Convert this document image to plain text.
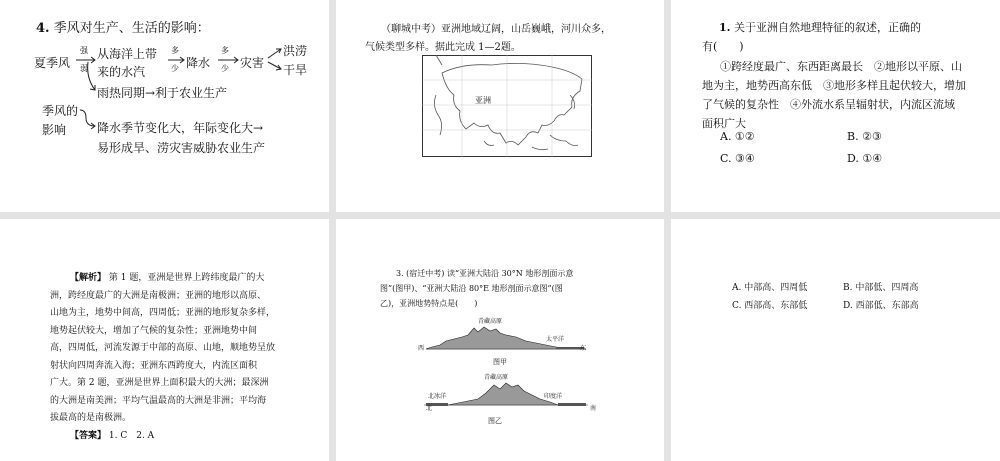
4. 季风对生产、生活的影响：
夏季风
强
弱
从海洋上带
来的水汽
多
少 降水
多
少 灾害
洪涝
干旱
雨热同期→利于农业生产
季风的
影响	降水季节变化大，年际变化大→
易形成旱、涝灾害威胁农业生产
（聊城中考）亚洲地域辽阔，山岳巍峨，河川众多，
气候类型多样。据此完成 1—2题。
亚洲
1. 关于亚洲自然地理特征的叙述，正确的
有(　　)
①跨经度最广、东西距离最长　②地形以平原、山
地为主，地势西高东低　③地形多样且起伏较大，增加
了气候的复杂性　④外流水系呈辐射状，内流区流域
面积广大
A. ①②	B. ②③
C. ③④	D. ①④
【解析】 第 1 题，亚洲是世界上跨纬度最广的大
洲，跨经度最广的大洲是南极洲；亚洲的地形以高原、
山地为主，地势中间高，四周低；亚洲的地形复杂多样，
地势起伏较大，增加了气候的复杂性；亚洲地势中间
高，四周低，河流发源于中部的高原、山地，顺地势呈放
射状向四周奔流入海；亚洲东西跨度大，内流区面积
广大。第 2 题，亚洲是世界上面积最大的大洲；最深洲
的大洲是南美洲；平均气温最高的大洲是非洲；平均海
拔最高的是南极洲。
【答案】 1. C　2. A
3. (宿迁中考) 读“亚洲大陆沿 30°N 地形剖面示意
图”(图甲)、“亚洲大陆沿 80°E 地形剖面示意图”(图
乙)，亚洲地势特点是(　　)
青藏高原
太平洋
西	东
图甲
青藏高原
北冰洋	印度洋
北	南
图乙
A. 中部高、四周低	B. 中部低、四周高
C. 西部高、东部低	D. 西部低、东部高
